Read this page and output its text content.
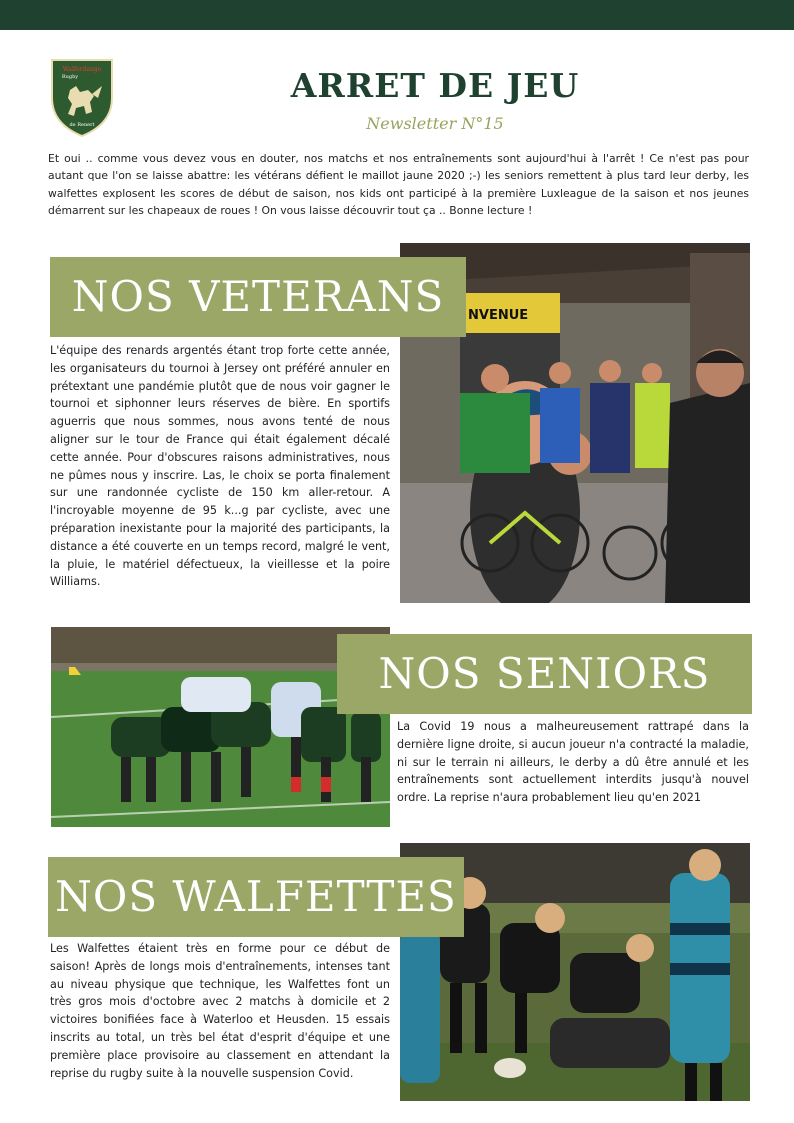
Walferdange
Rugby
de Renert
ARRET DE JEU
Newsletter N°15
Et oui .. comme vous devez vous en douter, nos matchs et nos entraînements sont aujourd'hui à l'arrêt ! Ce n'est pas pour autant que l'on se laisse abattre: les vétérans défient le maillot jaune 2020 ;-) les seniors remettent à plus tard leur derby, les walfettes explosent les scores de début de saison, nos kids ont participé à la première Luxleague de la saison et nos jeunes démarrent sur les chapeaux de roues ! On vous laisse découvrir tout ça .. Bonne lecture !
NVENUE
NOS VETERANS
L'équipe des renards argentés étant trop forte cette année, les organisateurs du tournoi à Jersey ont préféré annuler en prétextant une pandémie plutôt que de nous voir gagner le tournoi et siphonner leurs réserves de bière. En sportifs aguerris que nous sommes, nous avons tenté de nous aligner sur le tour de France qui était également décalé cette année. Pour d'obscures raisons administratives, nous ne pûmes nous y inscrire. Las, le choix se porta finalement sur une randonnée cycliste de 150 km aller-retour. A l'incroyable moyenne de 95 k...g par cycliste, avec une préparation inexistante pour la majorité des participants, la distance a été couverte en un temps record, malgré le vent, la pluie, le matériel défectueux, la vieillesse et la poire Williams.
NOS SENIORS
La Covid 19 nous a malheureusement rattrapé dans la dernière ligne droite, si aucun joueur n'a contracté la maladie, ni sur le terrain ni ailleurs, le derby a dû être annulé et les entraînements sont actuellement interdits jusqu'à nouvel ordre. La reprise n'aura probablement lieu qu'en 2021
NOS WALFETTES
Les Walfettes étaient très en forme pour ce début de saison! Après de longs mois d'entraînements, intenses tant au niveau physique que technique, les Walfettes font un très gros mois d'octobre avec 2 matchs à domicile et 2 victoires bonifiées face à Waterloo et Heusden. 15 essais inscrits au total, un très bel état d'esprit d'équipe et une première place provisoire au classement en attendant la reprise du rugby suite à la nouvelle suspension Covid.
